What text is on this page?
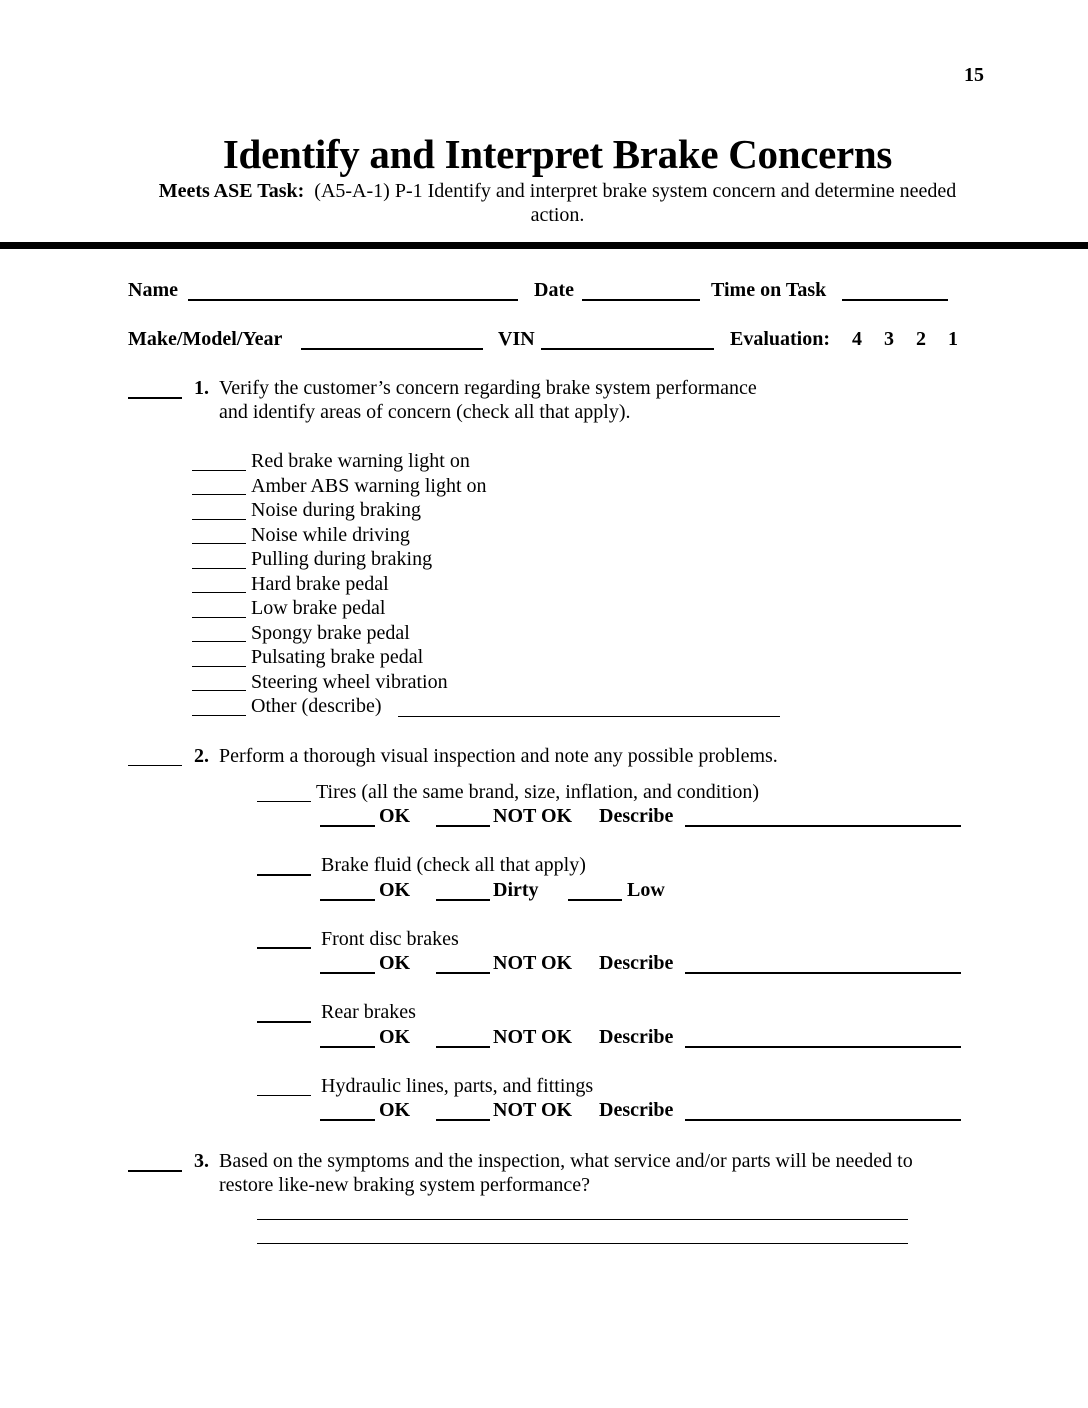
15
Identify and Interpret Brake Concerns
Meets ASE Task: (A5-A-1) P-1 Identify and interpret brake system concern and determine needed action.
Name	Date	Time on Task
Make/Model/Year	VIN	Evaluation: 4 3 2 1
1. Verify the customer’s concern regarding brake system performance
and identify areas of concern (check all that apply).
Red brake warning light on
Amber ABS warning light on
Noise during braking
Noise while driving
Pulling during braking
Hard brake pedal
Low brake pedal
Spongy brake pedal
Pulsating brake pedal
Steering wheel vibration
Other (describe)
2. Perform a thorough visual inspection and note any possible problems.
Tires (all the same brand, size, inflation, and condition)
OK	NOT OK Describe
Brake fluid (check all that apply)
OK	Dirty	Low
Front disc brakes
OK	NOT OK Describe
Rear brakes
OK	NOT OK Describe
Hydraulic lines, parts, and fittings
OK	NOT OK Describe
3. Based on the symptoms and the inspection, what service and/or parts will be needed to
restore like-new braking system performance?
